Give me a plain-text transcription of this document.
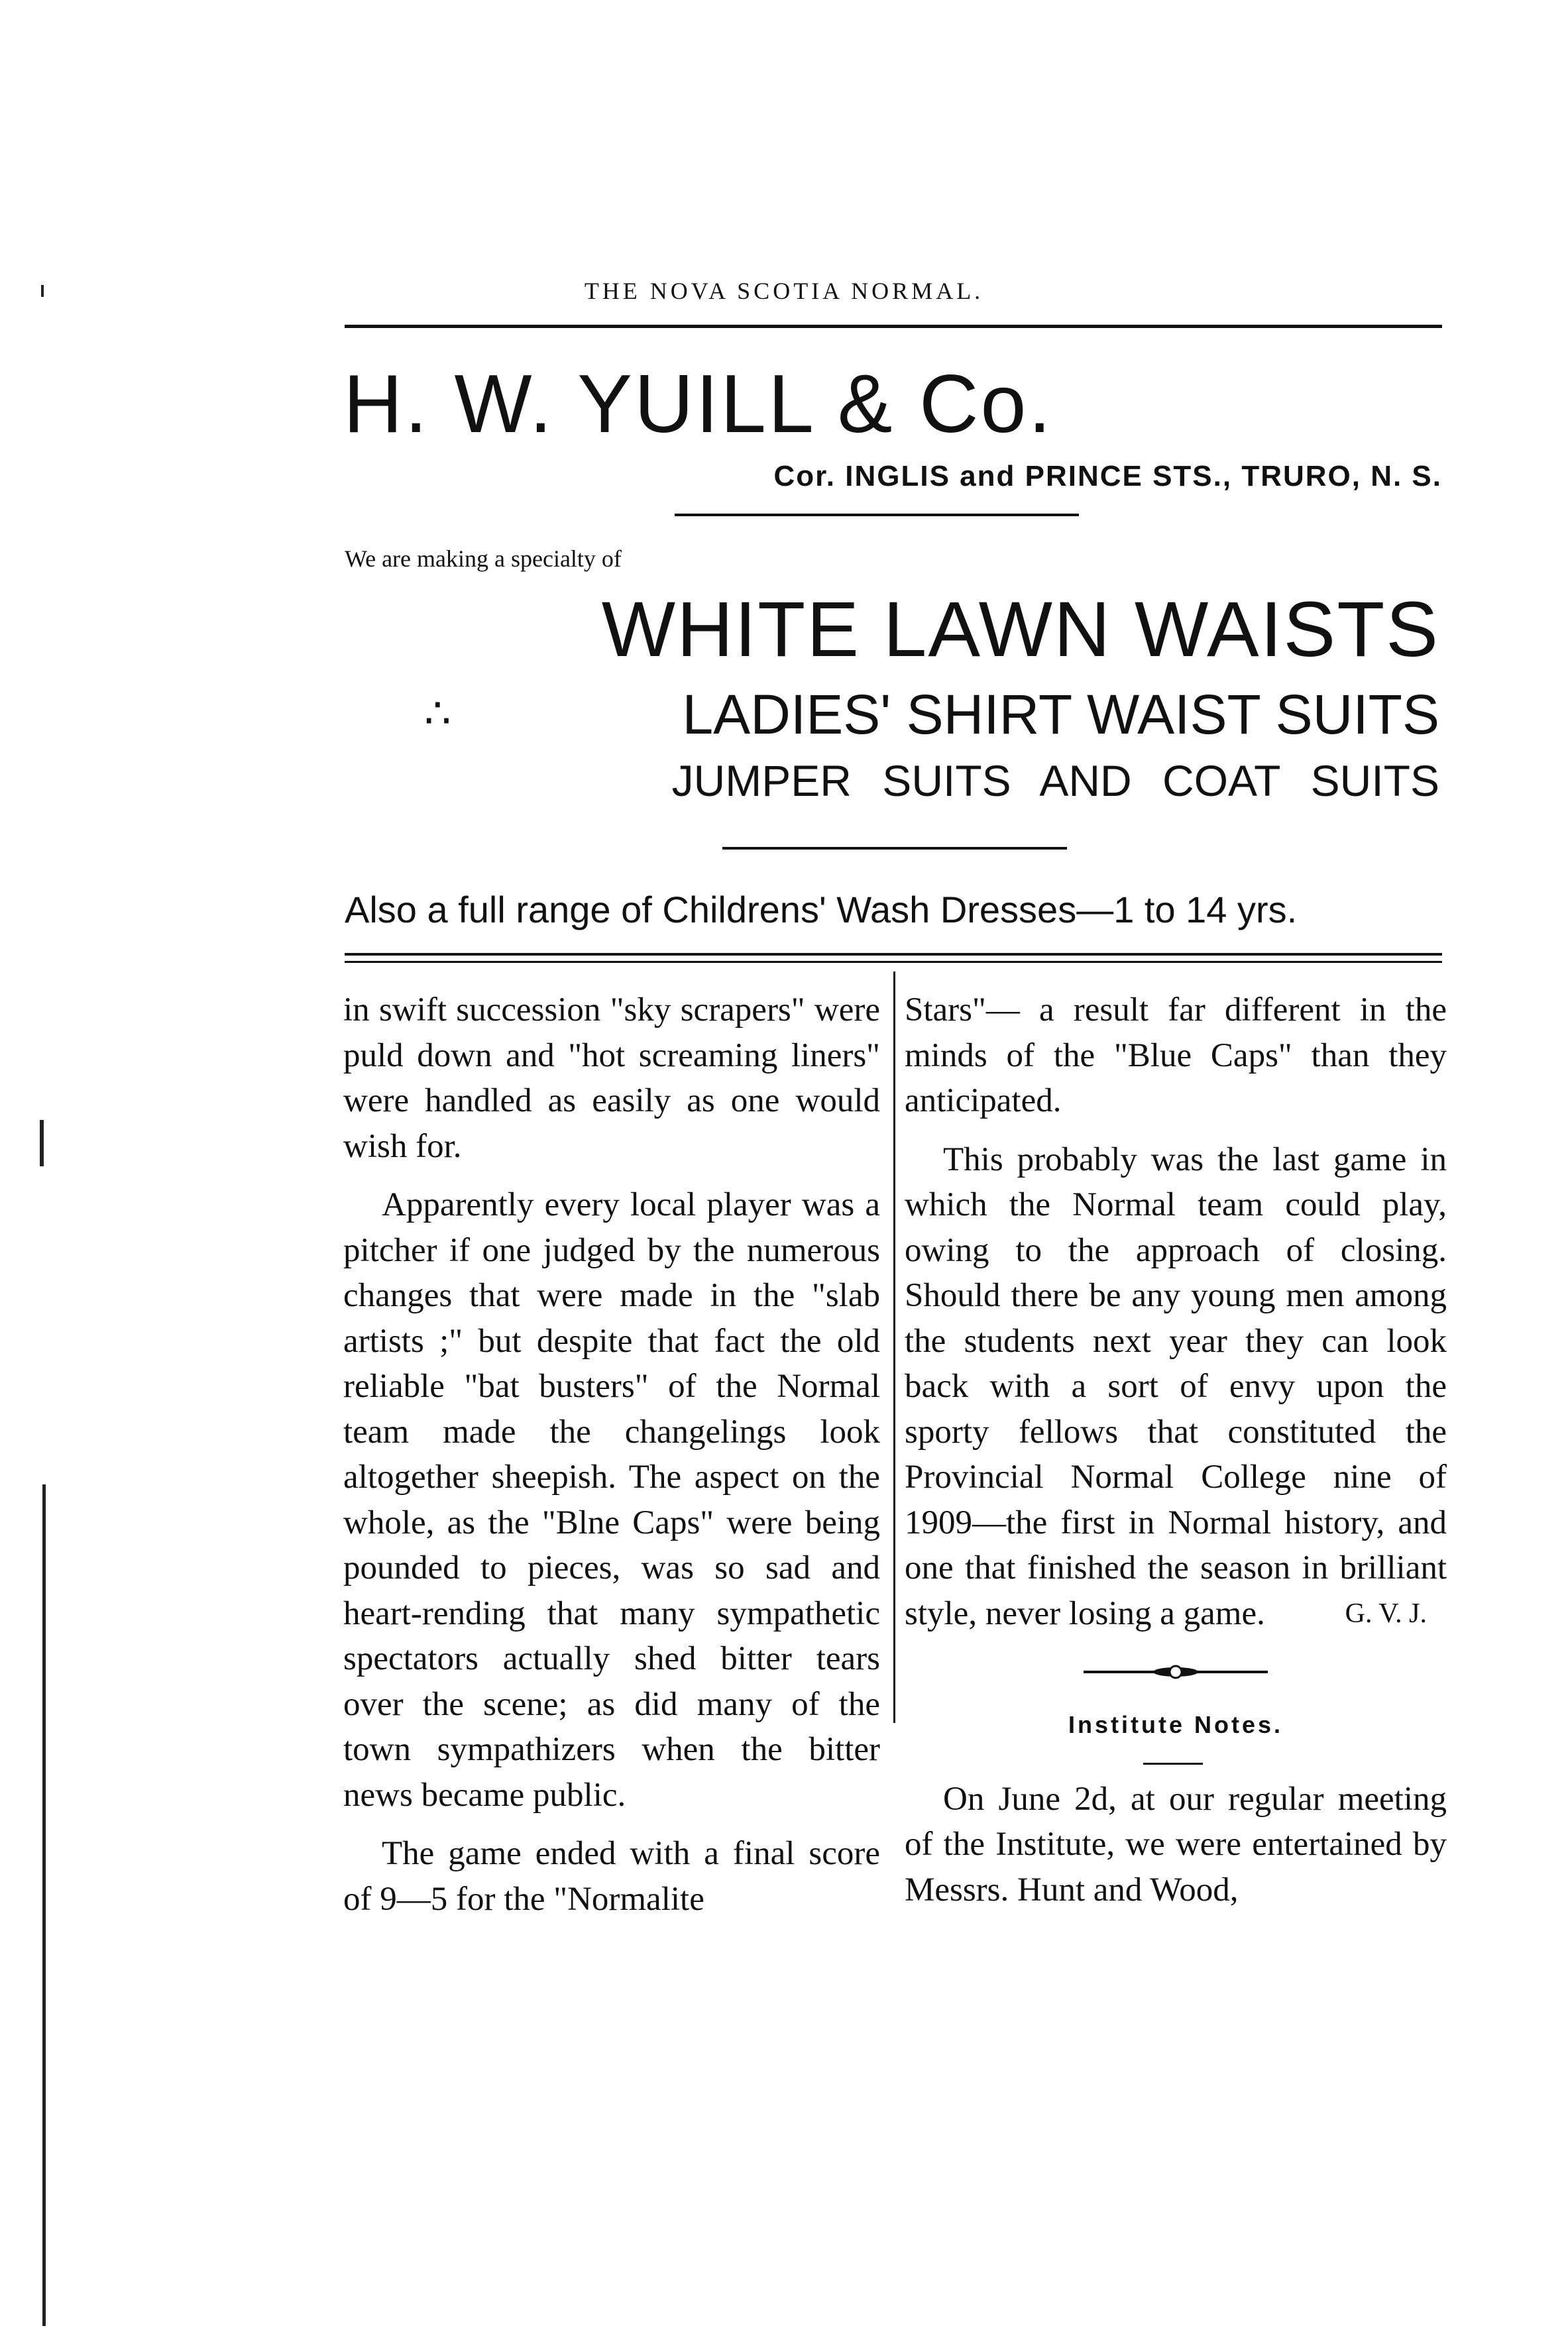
THE NOVA SCOTIA NORMAL.
H. W. YUILL & Co.
Cor. INGLIS and PRINCE STS., TRURO, N. S.
We are making a specialty of
WHITE LAWN WAISTS
∴	LADIES' SHIRT WAIST SUITS
JUMPER SUITS AND COAT SUITS
Also a full range of Childrens' Wash Dresses—1 to 14 yrs.

in swift succession "sky scrapers" were puld down and "hot screaming liners" were handled as easily as one would wish for.

Apparently every local player was a pitcher if one judged by the numerous changes that were made in the "slab artists ;" but despite that fact the old reliable "bat busters" of the Normal team made the changelings look altogether sheepish. The aspect on the whole, as the "Blne Caps" were being pounded to pieces, was so sad and heart-rending that many sympathetic spectators actually shed bitter tears over the scene; as did many of the town sympathizers when the bitter news became public.

The game ended with a final score of 9—5 for the "Normalite

Stars"— a result far different in the minds of the "Blue Caps" than they anticipated.

This probably was the last game in which the Normal team could play, owing to the approach of closing. Should there be any young men among the students next year they can look back with a sort of envy upon the sporty fellows that constituted the Provincial Normal College nine of 1909—the first in Normal history, and one that finished the season in brilliant style, never losing a game.	G. V. J.
Institute Notes.

On June 2d, at our regular meeting of the Institute, we were entertained by Messrs. Hunt and Wood,
